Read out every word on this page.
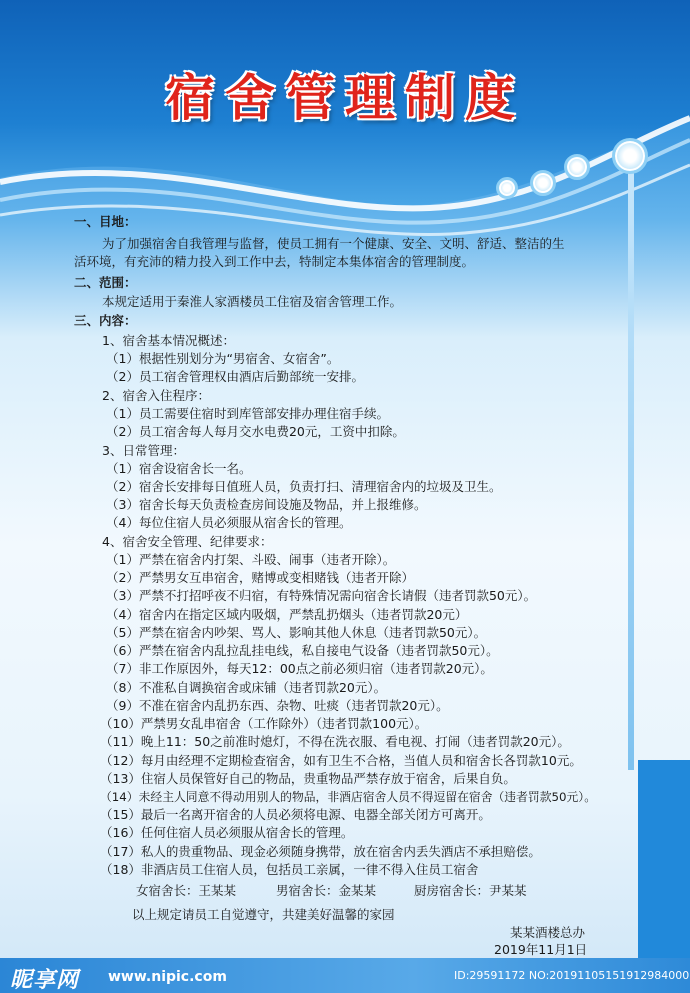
宿舍管理制度
一、目地：
为了加强宿舍自我管理与监督，使员工拥有一个健康、安全、文明、舒适、整洁的生
活环境，有充沛的精力投入到工作中去，特制定本集体宿舍的管理制度。
二、范围：
本规定适用于秦淮人家酒楼员工住宿及宿舍管理工作。
三、内容：
1、宿舍基本情况概述：
（1）根据性别划分为“男宿舍、女宿舍”。
（2）员工宿舍管理权由酒店后勤部统一安排。
2、宿舍入住程序：
（1）员工需要住宿时到库管部安排办理住宿手续。
（2）员工宿舍每人每月交水电费20元，工资中扣除。
3、日常管理：
（1）宿舍设宿舍长一名。
（2）宿舍长安排每日值班人员，负责打扫、清理宿舍内的垃圾及卫生。
（3）宿舍长每天负责检查房间设施及物品，并上报维修。
（4）每位住宿人员必须服从宿舍长的管理。
4、宿舍安全管理、纪律要求：
（1）严禁在宿舍内打架、斗殴、闹事（违者开除）。
（2）严禁男女互串宿舍，赌博或变相赌钱（违者开除）
（3）严禁不打招呼夜不归宿，有特殊情况需向宿舍长请假（违者罚款50元）。
（4）宿舍内在指定区域内吸烟，严禁乱扔烟头（违者罚款20元）
（5）严禁在宿舍内吵架、骂人、影响其他人休息（违者罚款50元）。
（6）严禁在宿舍内乱拉乱挂电线，私自接电气设备（违者罚款50元）。
（7）非工作原因外，每天12：00点之前必须归宿（违者罚款20元）。
（8）不准私自调换宿舍或床铺（违者罚款20元）。
（9）不准在宿舍内乱扔东西、杂物、吐痰（违者罚款20元）。
（10）严禁男女乱串宿舍（工作除外）（违者罚款100元）。
（11）晚上11：50之前准时熄灯，不得在洗衣服、看电视、打闹（违者罚款20元）。
（12）每月由经理不定期检查宿舍，如有卫生不合格，当值人员和宿舍长各罚款10元。
（13）住宿人员保管好自己的物品，贵重物品严禁存放于宿舍，后果自负。
（14）未经主人同意不得动用别人的物品，非酒店宿舍人员不得逗留在宿舍（违者罚款50元）。
（15）最后一名离开宿舍的人员必须将电源、电器全部关闭方可离开。
（16）任何住宿人员必须服从宿舍长的管理。
（17）私人的贵重物品、现金必须随身携带，放在宿舍内丢失酒店不承担赔偿。
（18）非酒店员工住宿人员，包括员工亲属，一律不得入住员工宿舍
女宿舍长：王某某	男宿舍长：金某某	厨房宿舍长：尹某某
以上规定请员工自觉遵守，共建美好温馨的家园
某某酒楼总办
2019年11月1日
昵享网 www.nipic.com	ID:29591172 NO:20191105151912984000
